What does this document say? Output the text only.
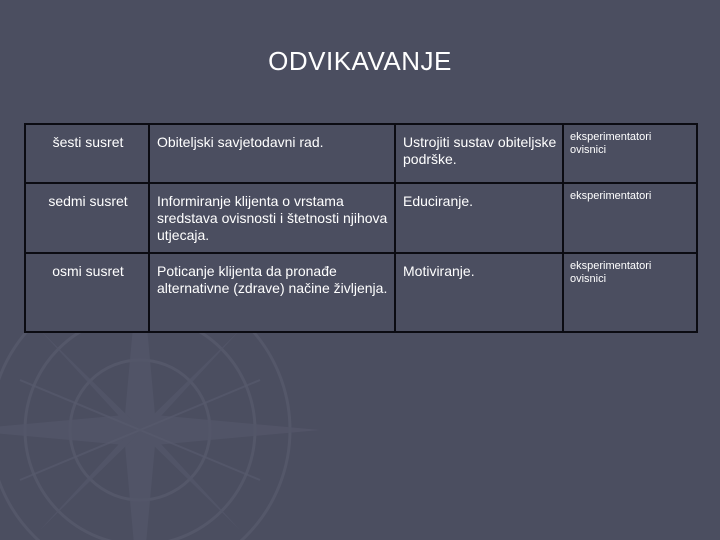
ODVIKAVANJE
šesti susret	Obiteljski savjetodavni rad.	Ustrojiti sustav obiteljske podrške.	eksperimentatori
ovisnici

sedmi susret	Informiranje klijenta o vrstama sredstava ovisnosti i štetnosti njihova utjecaja.	Educiranje.	eksperimentatori

osmi susret	Poticanje klijenta da pronađe alternativne (zdrave) načine življenja.	Motiviranje.	eksperimentatori
ovisnici
